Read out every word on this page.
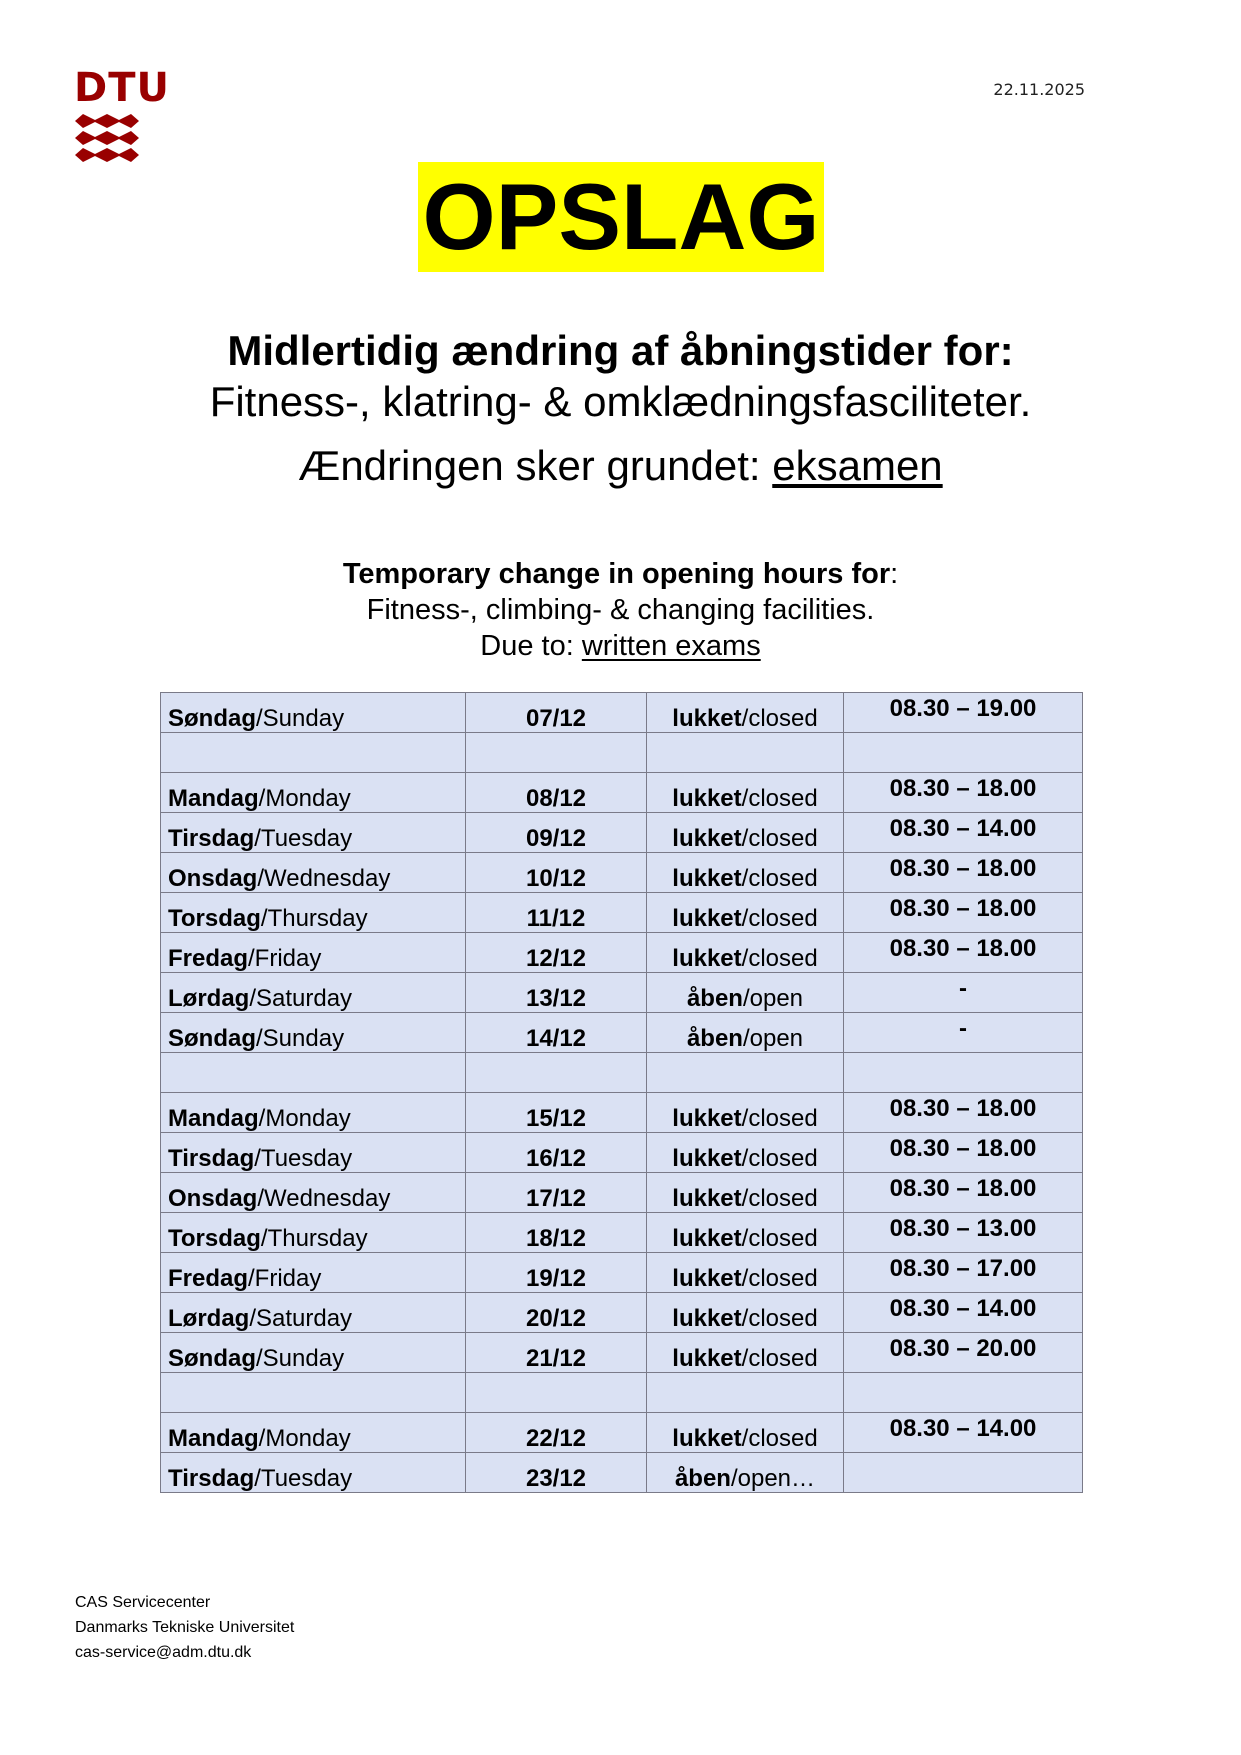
DTU	22.11.2025
OPSLAG
Midlertidig ændring af åbningstider for:
Fitness-, klatring- & omklædningsfasciliteter.
Ændringen sker grundet: eksamen
Temporary change in opening hours for:
Fitness-, climbing- & changing facilities.
Due to: written exams
Søndag/Sunday	07/12	lukket/closed	08.30 – 19.00

Mandag/Monday	08/12	lukket/closed	08.30 – 18.00
Tirsdag/Tuesday	09/12	lukket/closed	08.30 – 14.00
Onsdag/Wednesday	10/12	lukket/closed	08.30 – 18.00
Torsdag/Thursday	11/12	lukket/closed	08.30 – 18.00
Fredag/Friday	12/12	lukket/closed	08.30 – 18.00
Lørdag/Saturday	13/12	åben/open	-
Søndag/Sunday	14/12	åben/open	-

Mandag/Monday	15/12	lukket/closed	08.30 – 18.00
Tirsdag/Tuesday	16/12	lukket/closed	08.30 – 18.00
Onsdag/Wednesday	17/12	lukket/closed	08.30 – 18.00
Torsdag/Thursday	18/12	lukket/closed	08.30 – 13.00
Fredag/Friday	19/12	lukket/closed	08.30 – 17.00
Lørdag/Saturday	20/12	lukket/closed	08.30 – 14.00
Søndag/Sunday	21/12	lukket/closed	08.30 – 20.00

Mandag/Monday	22/12	lukket/closed	08.30 – 14.00
Tirsdag/Tuesday	23/12	åben/open…	
CAS Servicecenter
Danmarks Tekniske Universitet
cas-service@adm.dtu.dk
